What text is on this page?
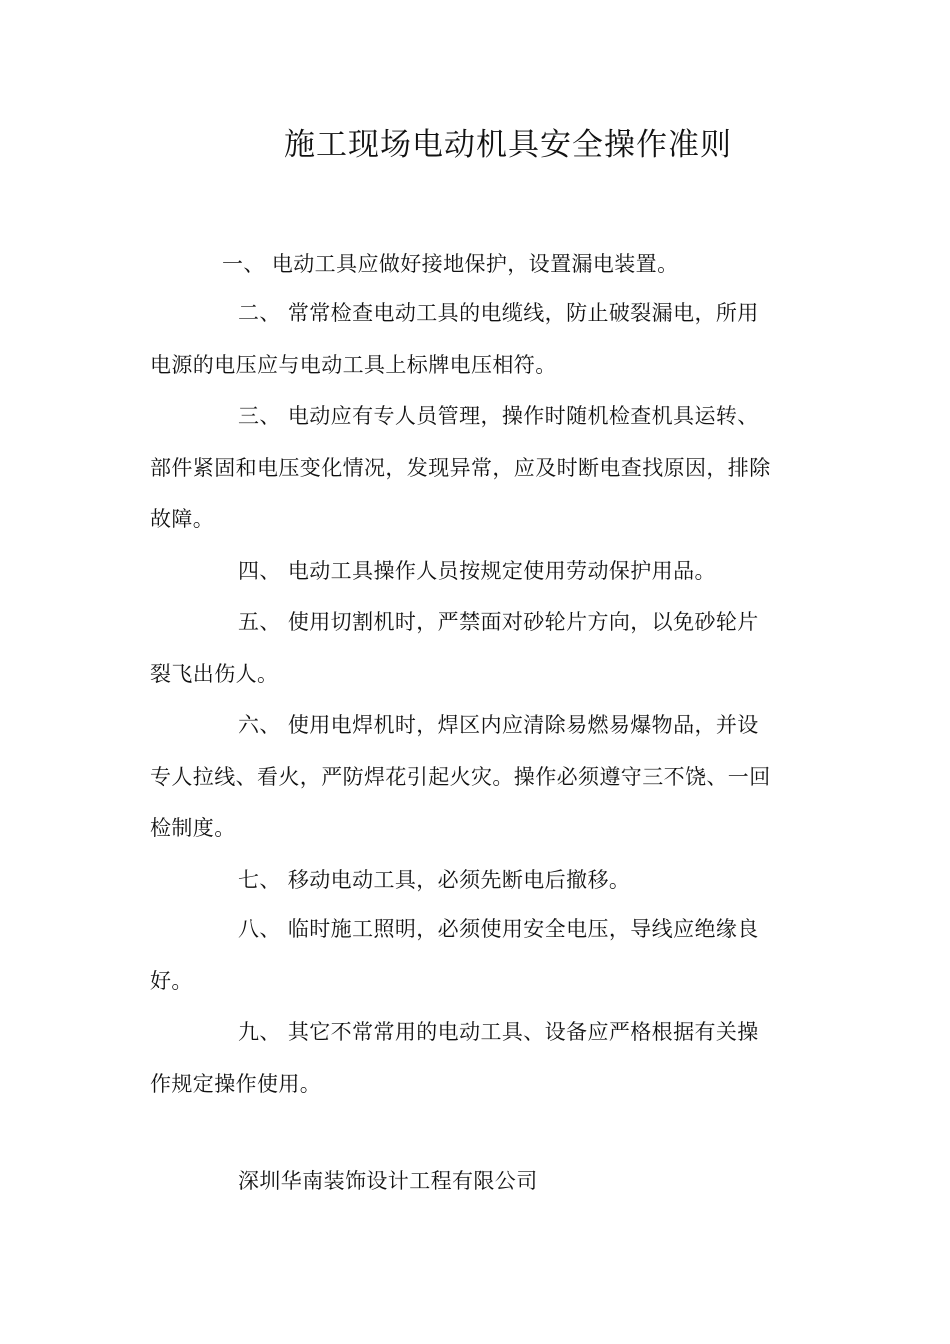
施工现场电动机具安全操作准则
一、 电动工具应做好接地保护，设置漏电装置。
二、 常常检查电动工具的电缆线，防止破裂漏电，所用
电源的电压应与电动工具上标牌电压相符。
三、 电动应有专人员管理，操作时随机检查机具运转、
部件紧固和电压变化情况，发现异常，应及时断电查找原因，排除
故障。
四、 电动工具操作人员按规定使用劳动保护用品。
五、 使用切割机时，严禁面对砂轮片方向，以免砂轮片
裂飞出伤人。
六、 使用电焊机时，焊区内应清除易燃易爆物品，并设
专人拉线、看火，严防焊花引起火灾。操作必须遵守三不饶、一回
检制度。
七、 移动电动工具，必须先断电后撤移。
八、 临时施工照明，必须使用安全电压，导线应绝缘良
好。
九、 其它不常常用的电动工具、设备应严格根据有关操
作规定操作使用。
深圳华南装饰设计工程有限公司
